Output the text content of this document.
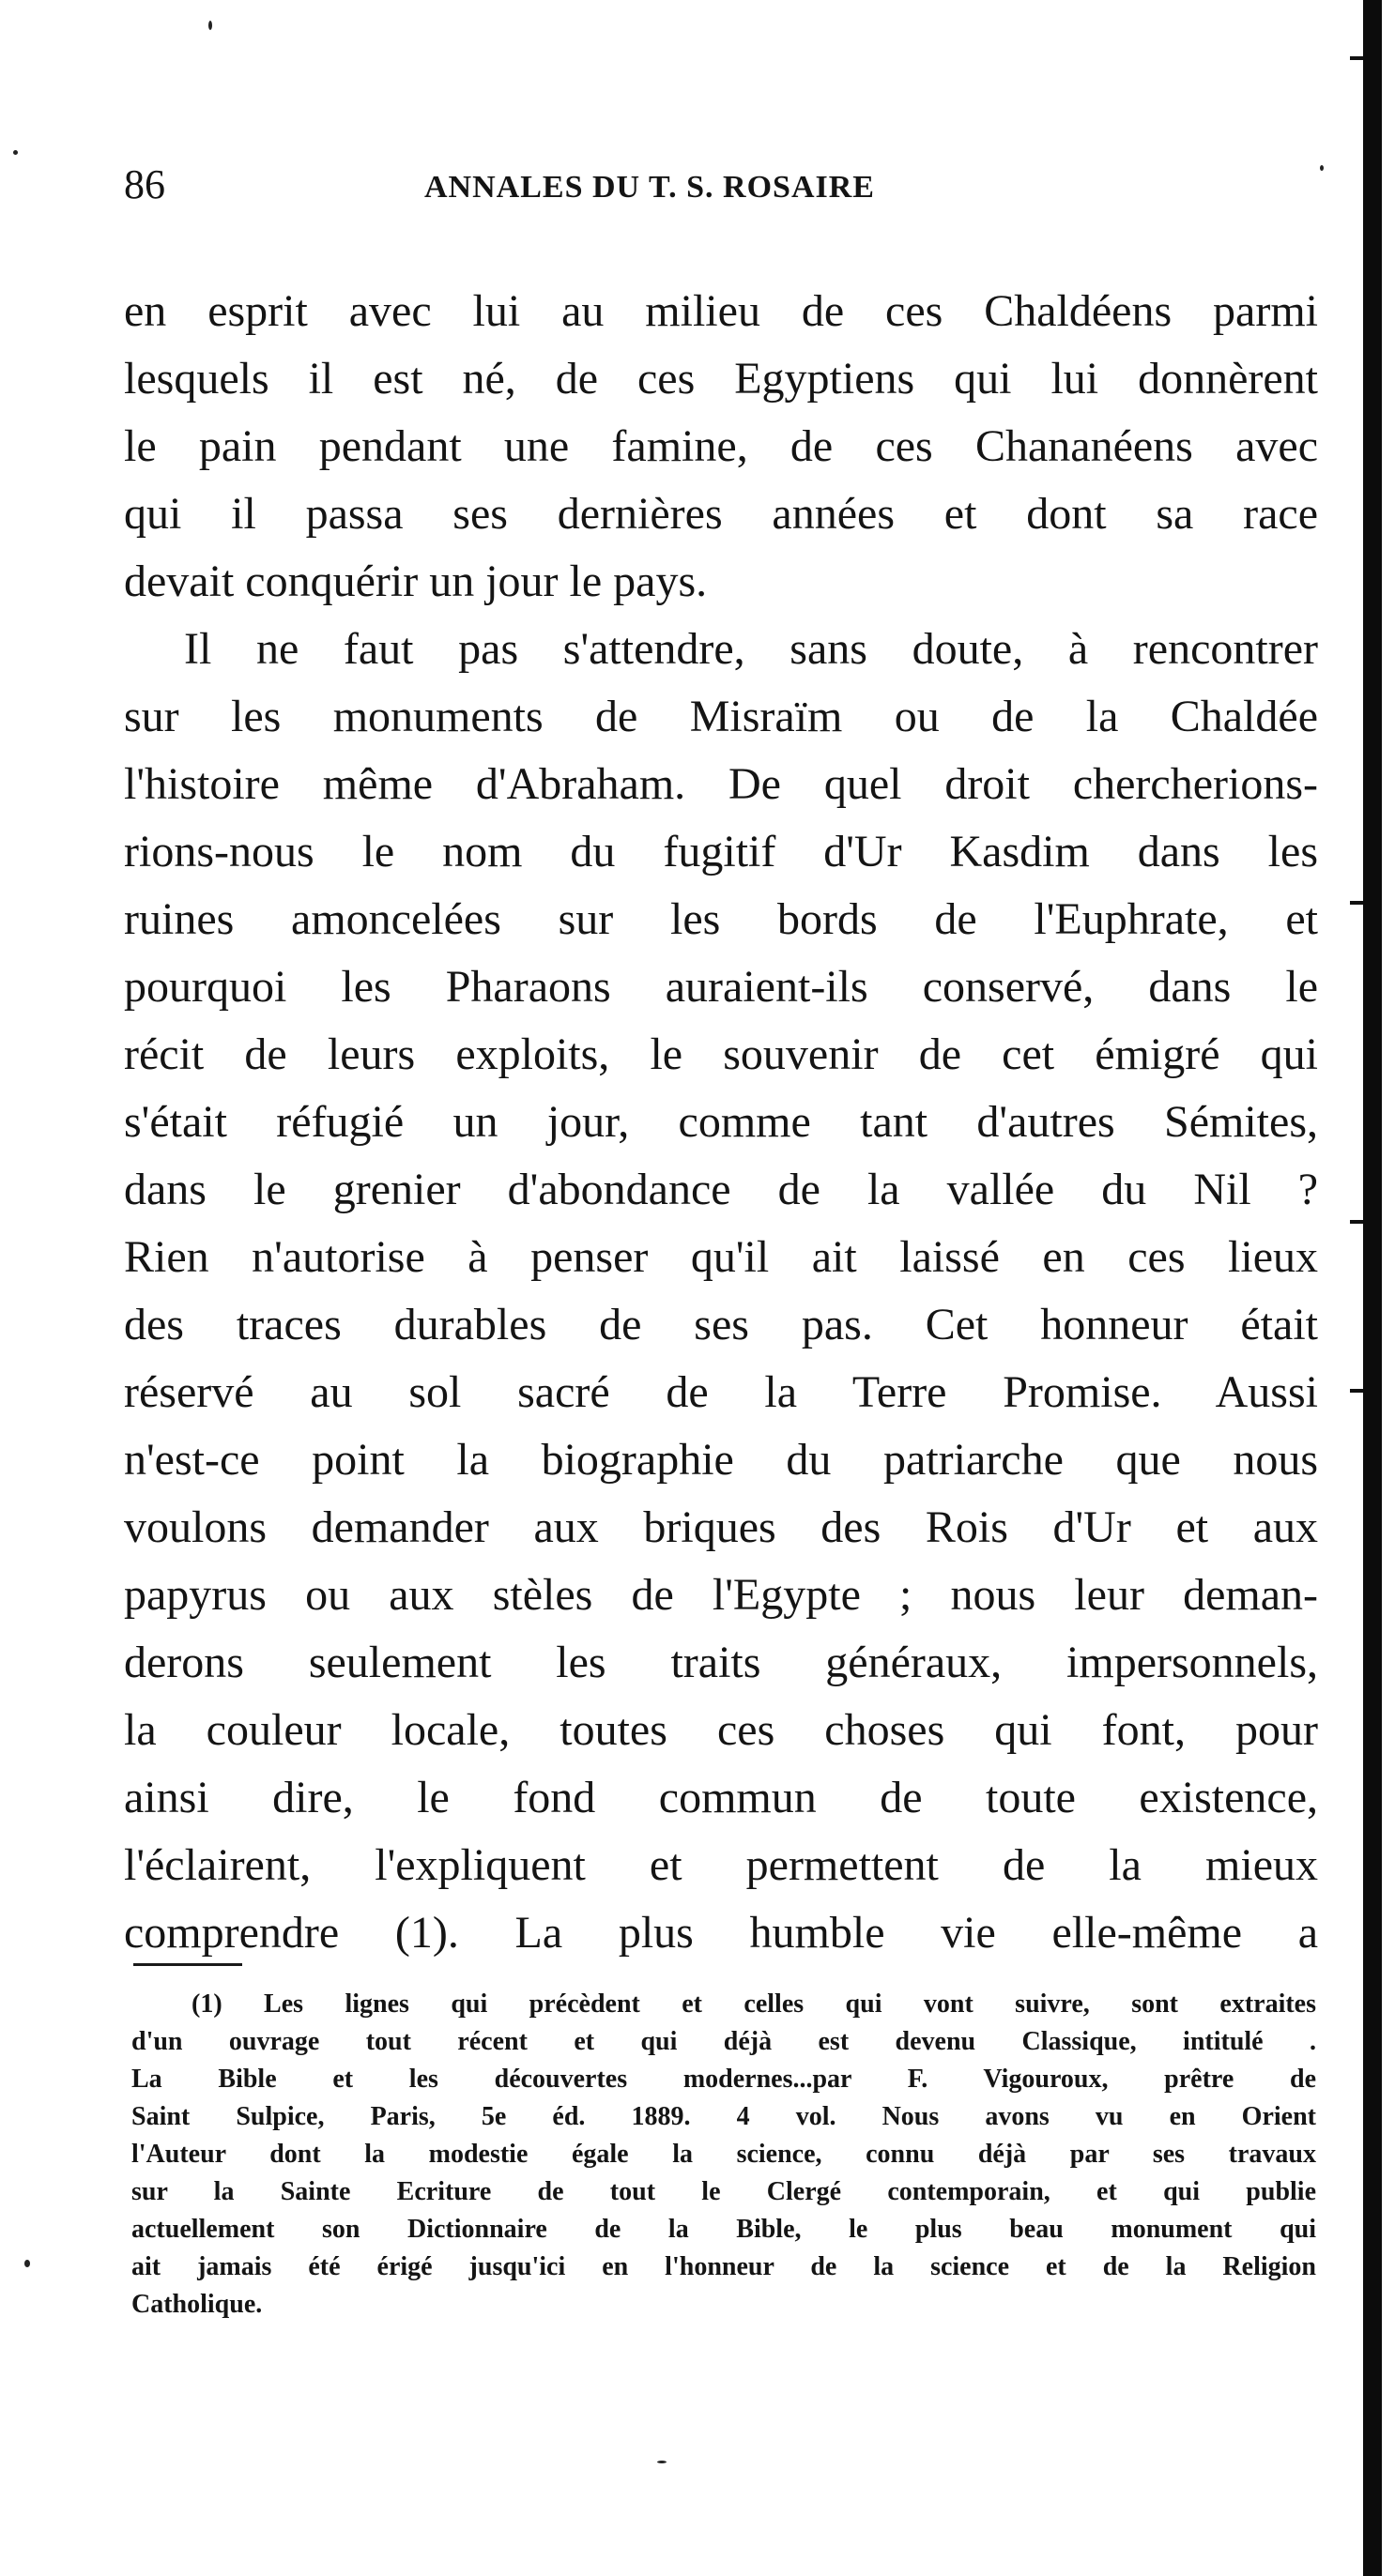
86	ANNALES DU T. S. ROSAIRE
en esprit avec lui au milieu de ces Chaldéens parmi
lesquels il est né, de ces Egyptiens qui lui donnèrent
le pain pendant une famine, de ces Chananéens avec
qui il passa ses dernières années et dont sa race
devait conquérir un jour le pays.
Il ne faut pas s'attendre, sans doute, à rencontrer
sur les monuments de Misraïm ou de la Chaldée
l'histoire même d'Abraham. De quel droit chercherions-
rions-nous le nom du fugitif d'Ur Kasdim dans les
ruines amoncelées sur les bords de l'Euphrate, et
pourquoi les Pharaons auraient-ils conservé, dans le
récit de leurs exploits, le souvenir de cet émigré qui
s'était réfugié un jour, comme tant d'autres Sémites,
dans le grenier d'abondance de la vallée du Nil ?
Rien n'autorise à penser qu'il ait laissé en ces lieux
des traces durables de ses pas. Cet honneur était
réservé au sol sacré de la Terre Promise. Aussi
n'est-ce point la biographie du patriarche que nous
voulons demander aux briques des Rois d'Ur et aux
papyrus ou aux stèles de l'Egypte ; nous leur deman-
derons seulement les traits généraux, impersonnels,
la couleur locale, toutes ces choses qui font, pour
ainsi dire, le fond commun de toute existence,
l'éclairent, l'expliquent et permettent de la mieux
comprendre (1). La plus humble vie elle-même a
(1) Les lignes qui précèdent et celles qui vont suivre, sont extraites
d'un ouvrage tout récent et qui déjà est devenu Classique, intitulé .
La Bible et les découvertes modernes...par F. Vigouroux, prêtre de
Saint Sulpice, Paris, 5e éd. 1889. 4 vol. Nous avons vu en Orient
l'Auteur dont la modestie égale la science, connu déjà par ses travaux
sur la Sainte Ecriture de tout le Clergé contemporain, et qui publie
actuellement son Dictionnaire de la Bible, le plus beau monument qui
ait jamais été érigé jusqu'ici en l'honneur de la science et de la Religion
Catholique.
